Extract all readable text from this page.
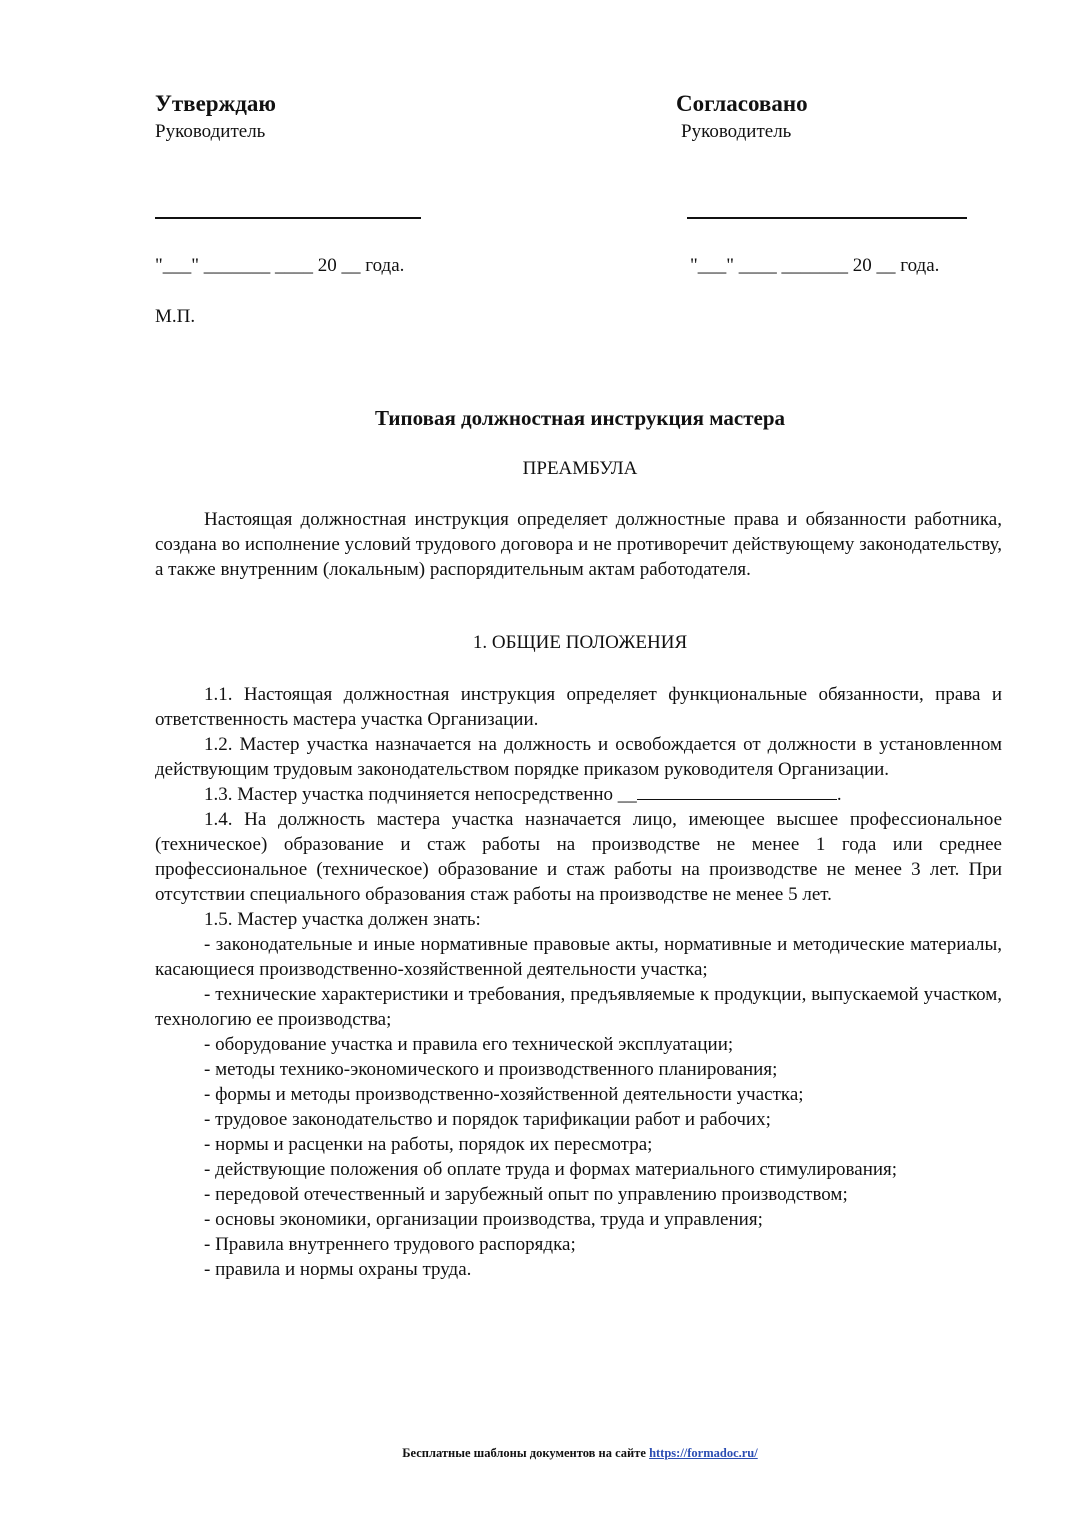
Утверждаю
Руководитель
"___" _______ ____ 20 __ года.
М.П.
Согласовано
Руководитель
"___" ____ _______ 20 __ года.
Типовая должностная инструкция мастера
ПРЕАМБУЛА

Настоящая должностная инструкция определяет должностные права и обязанности работника, создана во исполнение условий трудового договора и не противоречит действующему законодательству, а также внутренним (локальным) распорядительным актам работодателя.

1. ОБЩИЕ ПОЛОЖЕНИЯ

1.1. Настоящая должностная инструкция определяет функциональные обязанности, права и ответственность мастера участка Организации.

1.2. Мастер участка назначается на должность и освобождается от должности в установленном действующим трудовым законодательством порядке приказом руководителя Организации.

1.3. Мастер участка подчиняется непосредственно __	.

1.4. На должность мастера участка назначается лицо, имеющее высшее профессиональное (техническое) образование и стаж работы на производстве не менее 1 года или среднее профессиональное (техническое) образование и стаж работы на производстве не менее 3 лет. При отсутствии специального образования стаж работы на производстве не менее 5 лет.

1.5. Мастер участка должен знать:

- законодательные и иные нормативные правовые акты, нормативные и методические материалы, касающиеся производственно-хозяйственной деятельности участка;

- технические характеристики и требования, предъявляемые к продукции, выпускаемой участком, технологию ее производства;

- оборудование участка и правила его технической эксплуатации;

- методы технико-экономического и производственного планирования;

- формы и методы производственно-хозяйственной деятельности участка;

- трудовое законодательство и порядок тарификации работ и рабочих;

- нормы и расценки на работы, порядок их пересмотра;

- действующие положения об оплате труда и формах материального стимулирования;

- передовой отечественный и зарубежный опыт по управлению производством;

- основы экономики, организации производства, труда и управления;

- Правила внутреннего трудового распорядка;

- правила и нормы охраны труда.

Бесплатные шаблоны документов на сайте https://formadoc.ru/
